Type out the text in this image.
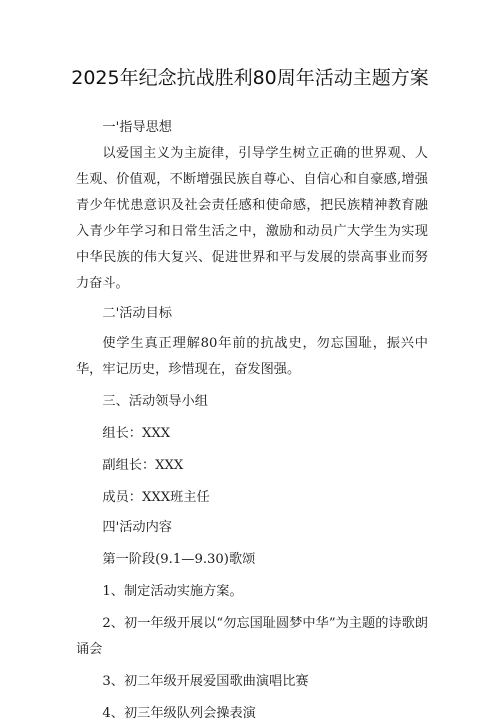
2025年纪念抗战胜利80周年活动主题方案

一'指导思想

以爱国主义为主旋律，引导学生树立正确的世界观、人生观、价值观，不断增强民族自尊心、自信心和自豪感,增强青少年忧患意识及社会责任感和使命感，把民族精神教育融入青少年学习和日常生活之中，激励和动员广大学生为实现中华民族的伟大复兴、促进世界和平与发展的崇高事业而努力奋斗。

二'活动目标

使学生真正理解80年前的抗战史，勿忘国耻，振兴中华，牢记历史，珍惜现在，奋发图强。

三、活动领导小组

组长：XXX

副组长：XXX

成员：XXX班主任

四'活动内容

第一阶段(9.1—9.30)歌颂

1、制定活动实施方案。

2、初一年级开展以“勿忘国耻圆梦中华”为主题的诗歌朗诵会

3、初二年级开展爱国歌曲演唱比赛

4、初三年级队列会操表演
